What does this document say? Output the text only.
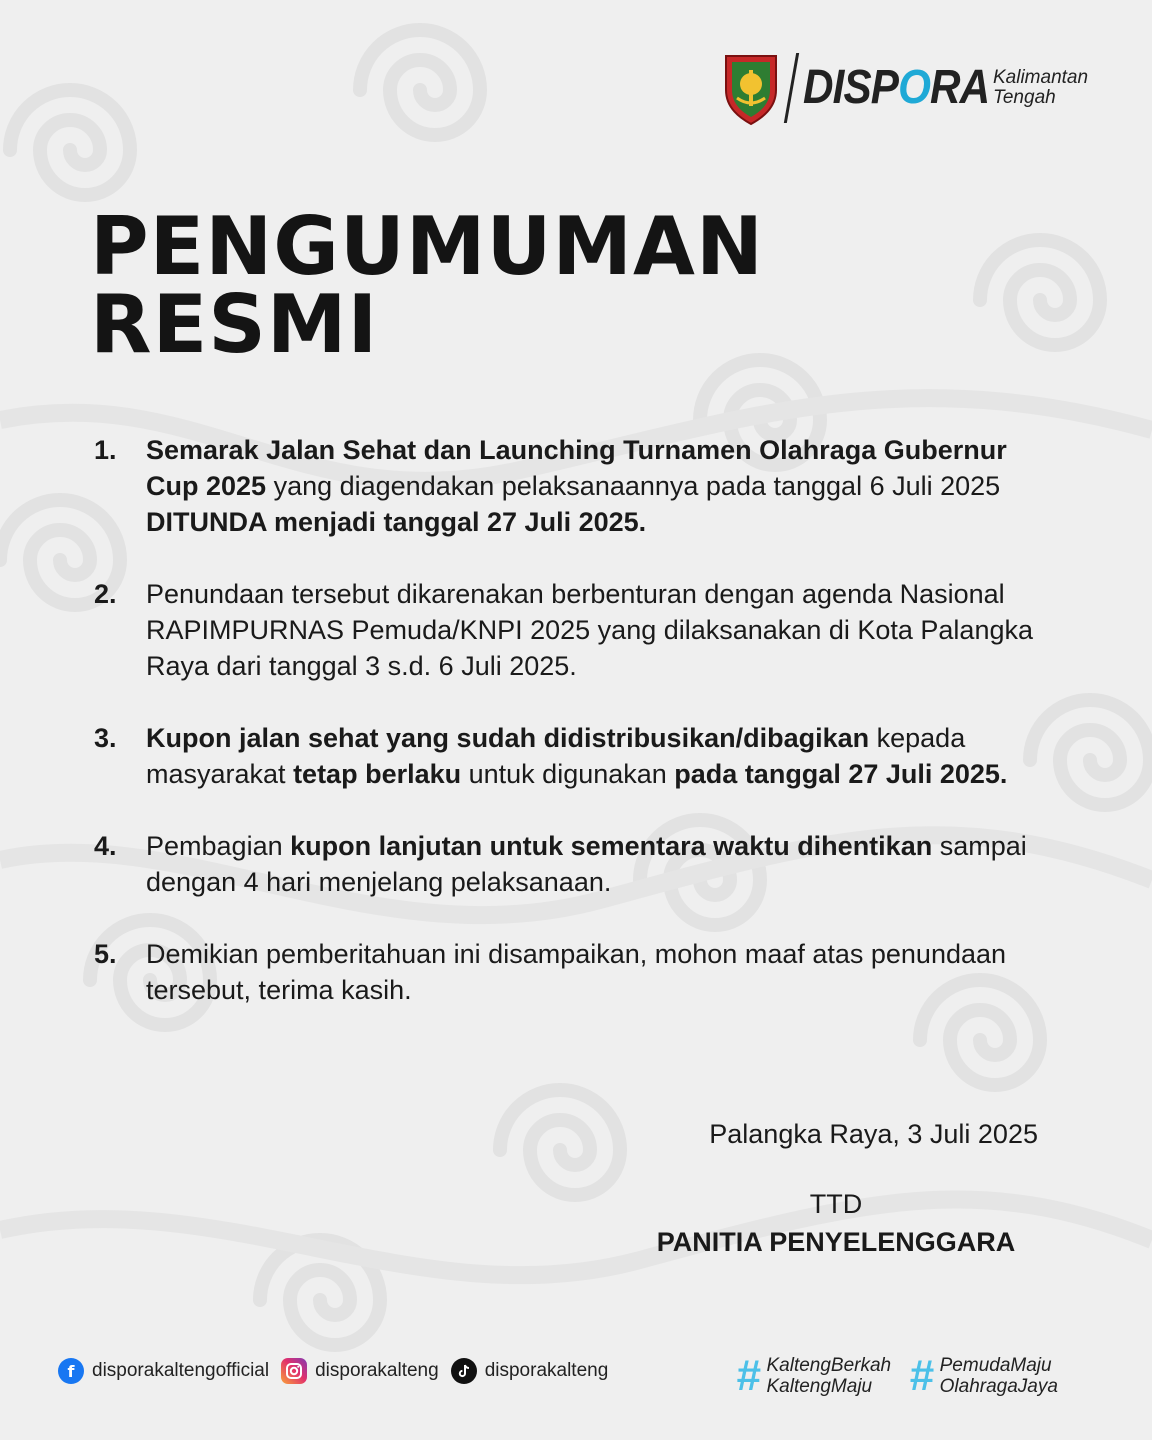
DISPORA Kalimantan
Tengah
PENGUMUMAN
RESMI
1.	Semarak Jalan Sehat dan Launching Turnamen Olahraga Gubernur Cup 2025 yang diagendakan pelaksanaannya pada tanggal 6 Juli 2025 DITUNDA menjadi tanggal 27 Juli 2025.
2.	Penundaan tersebut dikarenakan berbenturan dengan agenda Nasional RAPIMPURNAS Pemuda/KNPI 2025 yang dilaksanakan di Kota Palangka Raya dari tanggal 3 s.d. 6 Juli 2025.
3.	Kupon jalan sehat yang sudah didistribusikan/dibagikan kepada masyarakat tetap berlaku untuk digunakan pada tanggal 27 Juli 2025.
4.	Pembagian kupon lanjutan untuk sementara waktu dihentikan sampai dengan 4 hari menjelang pelaksanaan.
5.	Demikian pemberitahuan ini disampaikan, mohon maaf atas penundaan tersebut, terima kasih.
Palangka Raya, 3 Juli 2025
TTD
PANITIA PENYELENGGARA
f disporakaltengofficial disporakalteng disporakalteng	# KaltengBerkah
KaltengMaju # PemudaMaju
OlahragaJaya
